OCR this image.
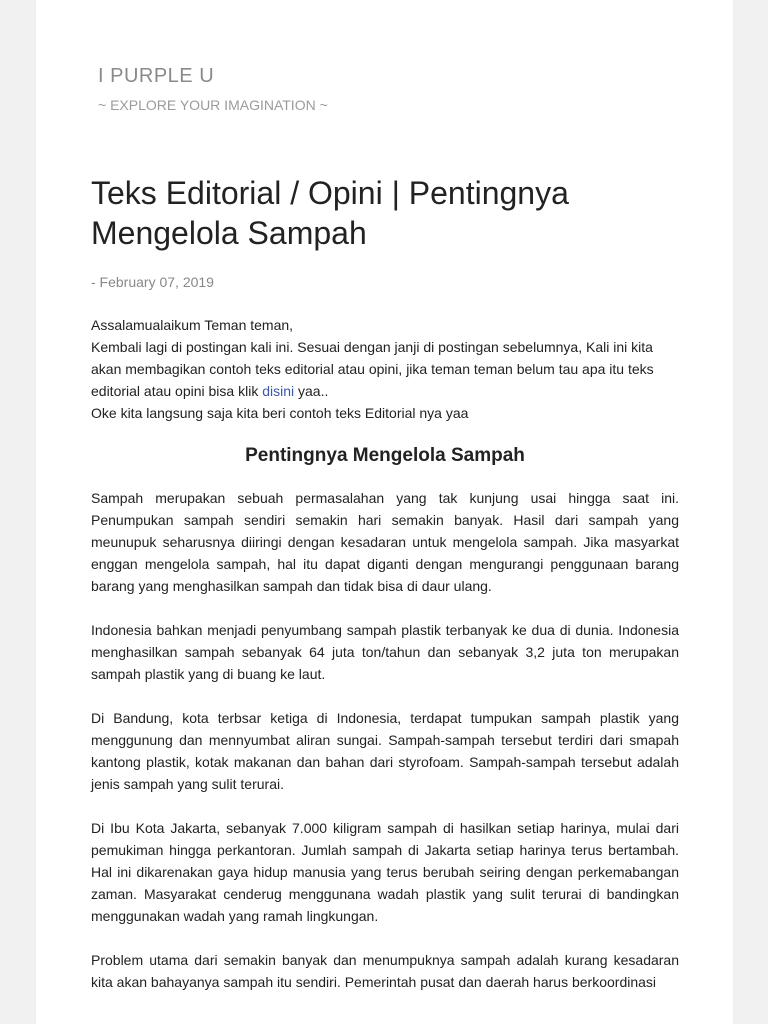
I PURPLE U
~ EXPLORE YOUR IMAGINATION ~
Teks Editorial / Opini | Pentingnya Mengelola Sampah
- February 07, 2019
Assalamualaikum Teman teman,
Kembali lagi di postingan kali ini. Sesuai dengan janji di postingan sebelumnya, Kali ini kita
akan membagikan contoh teks editorial atau opini, jika teman teman belum tau apa itu teks
editorial atau opini bisa klik disini yaa..
Oke kita langsung saja kita beri contoh teks Editorial nya yaa
Pentingnya Mengelola Sampah

Sampah merupakan sebuah permasalahan yang tak kunjung usai hingga saat ini. Penumpukan sampah sendiri semakin hari semakin banyak. Hasil dari sampah yang meunupuk seharusnya diiringi dengan kesadaran untuk mengelola sampah. Jika masyarkat enggan mengelola sampah, hal itu dapat diganti dengan mengurangi penggunaan barang barang yang menghasilkan sampah dan tidak bisa di daur ulang.

Indonesia bahkan menjadi penyumbang sampah plastik terbanyak ke dua di dunia. Indonesia menghasilkan sampah sebanyak 64 juta ton/tahun dan sebanyak 3,2 juta ton merupakan sampah plastik yang di buang ke laut.

Di Bandung, kota terbsar ketiga di Indonesia, terdapat tumpukan sampah plastik yang menggunung dan mennyumbat aliran sungai. Sampah-sampah tersebut terdiri dari smapah kantong plastik, kotak makanan dan bahan dari styrofoam. Sampah-sampah tersebut adalah jenis sampah yang sulit terurai.

Di Ibu Kota Jakarta, sebanyak 7.000 kiligram sampah di hasilkan setiap harinya, mulai dari pemukiman hingga perkantoran. Jumlah sampah di Jakarta setiap harinya terus bertambah. Hal ini dikarenakan gaya hidup manusia yang terus berubah seiring dengan perkemabangan zaman. Masyarakat cenderug menggunana wadah plastik yang sulit terurai di bandingkan menggunakan wadah yang ramah lingkungan.

Problem utama dari semakin banyak dan menumpuknya sampah adalah kurang kesadaran kita akan bahayanya sampah itu sendiri. Pemerintah pusat dan daerah harus berkoordinasi
